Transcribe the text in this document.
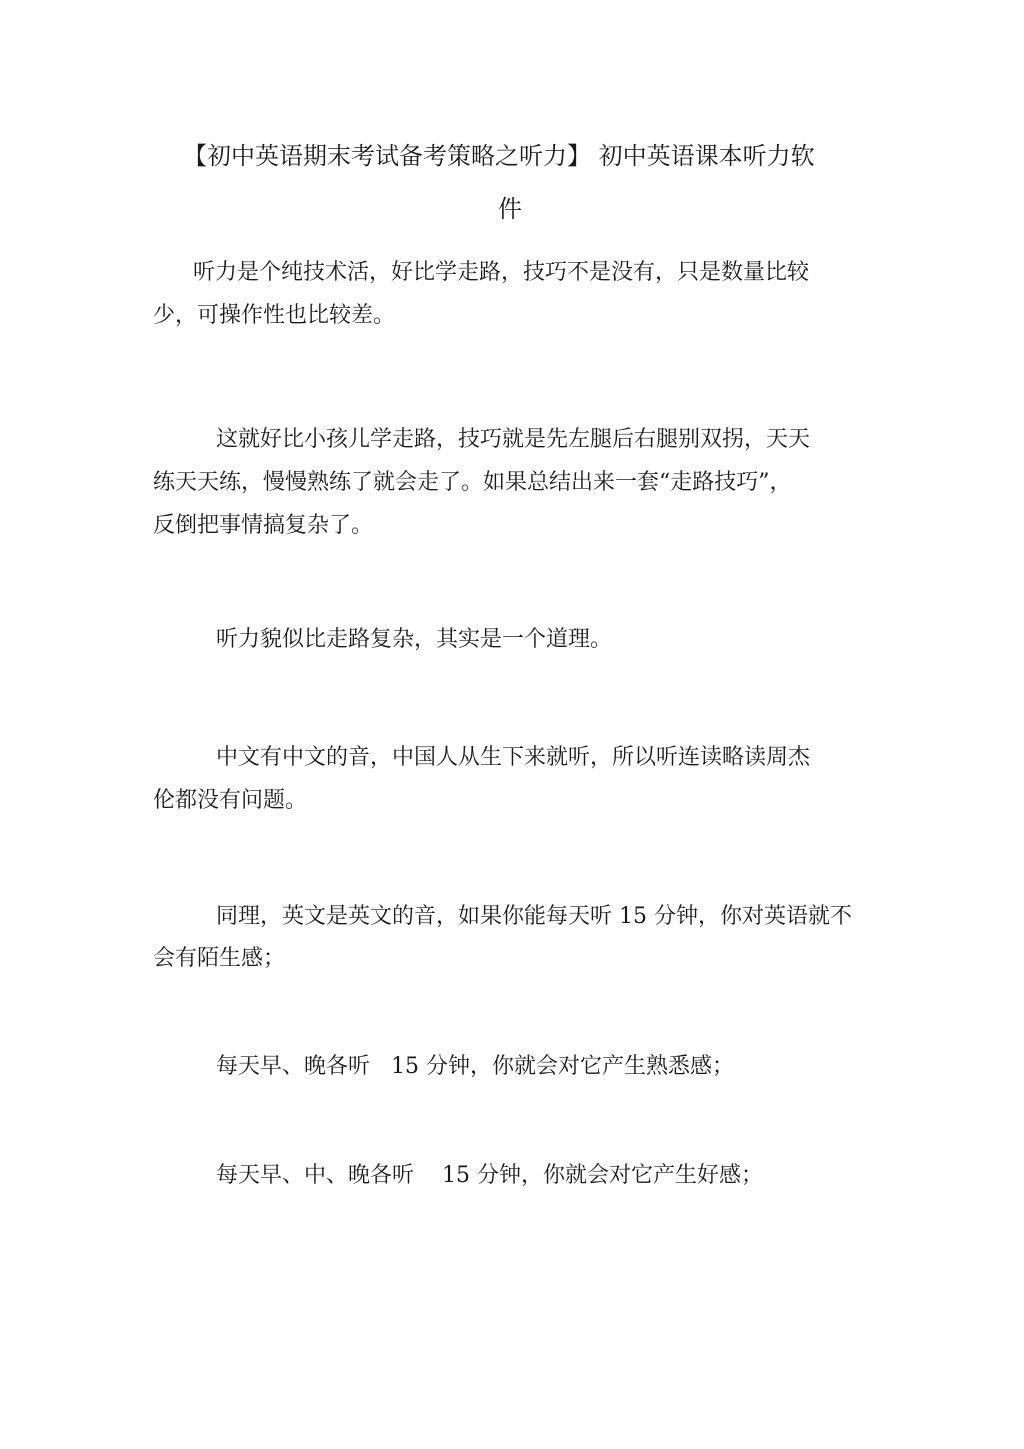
【初中英语期末考试备考策略之听力】 初中英语课本听力软
件

听力是个纯技术活，好比学走路，技巧不是没有，只是数量比较

少，可操作性也比较差。

这就好比小孩儿学走路，技巧就是先左腿后右腿别双拐，天天

练天天练，慢慢熟练了就会走了。如果总结出来一套“走路技巧”，

反倒把事情搞复杂了。

听力貌似比走路复杂，其实是一个道理。

中文有中文的音，中国人从生下来就听，所以听连读略读周杰

伦都没有问题。

同理，英文是英文的音，如果你能每天听 15 分钟，你对英语就不

会有陌生感；

每天早、晚各听   15 分钟，你就会对它产生熟悉感；

每天早、中、晚各听    15 分钟，你就会对它产生好感；
